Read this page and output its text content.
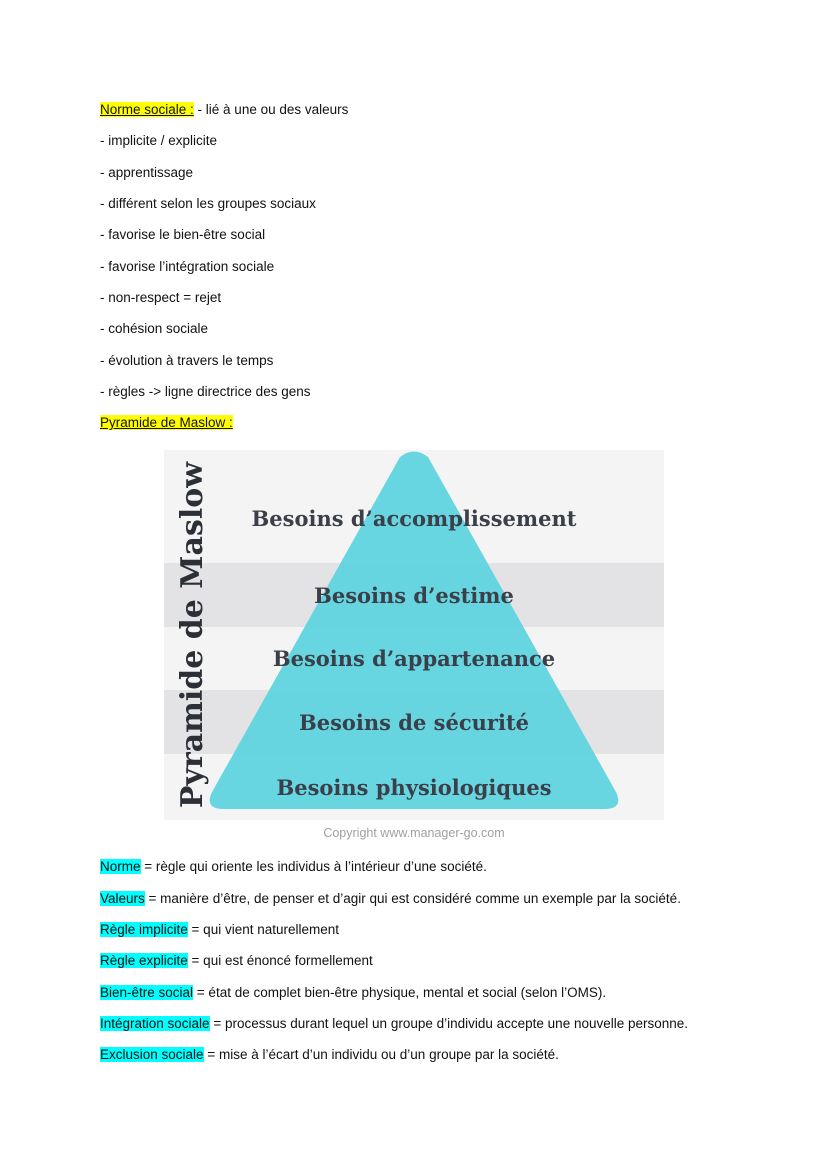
Norme sociale : - lié à une ou des valeurs
- implicite / explicite
- apprentissage
- différent selon les groupes sociaux
- favorise le bien-être social
- favorise l’intégration sociale
- non-respect = rejet
- cohésion sociale
- évolution à travers le temps
- règles -> ligne directrice des gens
Pyramide de Maslow :
Pyramide de Maslow Besoins d’accomplissement
Besoins d’estime
Besoins d’appartenance
Besoins de sécurité
Besoins physiologiques
Copyright www.manager-go.com
Norme = règle qui oriente les individus à l’intérieur d’une société.
Valeurs = manière d’être, de penser et d’agir qui est considéré comme un exemple par la société.
Règle implicite = qui vient naturellement
Règle explicite = qui est énoncé formellement
Bien-être social = état de complet bien-être physique, mental et social (selon l’OMS).
Intégration sociale = processus durant lequel un groupe d’individu accepte une nouvelle personne.
Exclusion sociale = mise à l’écart d’un individu ou d’un groupe par la société.
